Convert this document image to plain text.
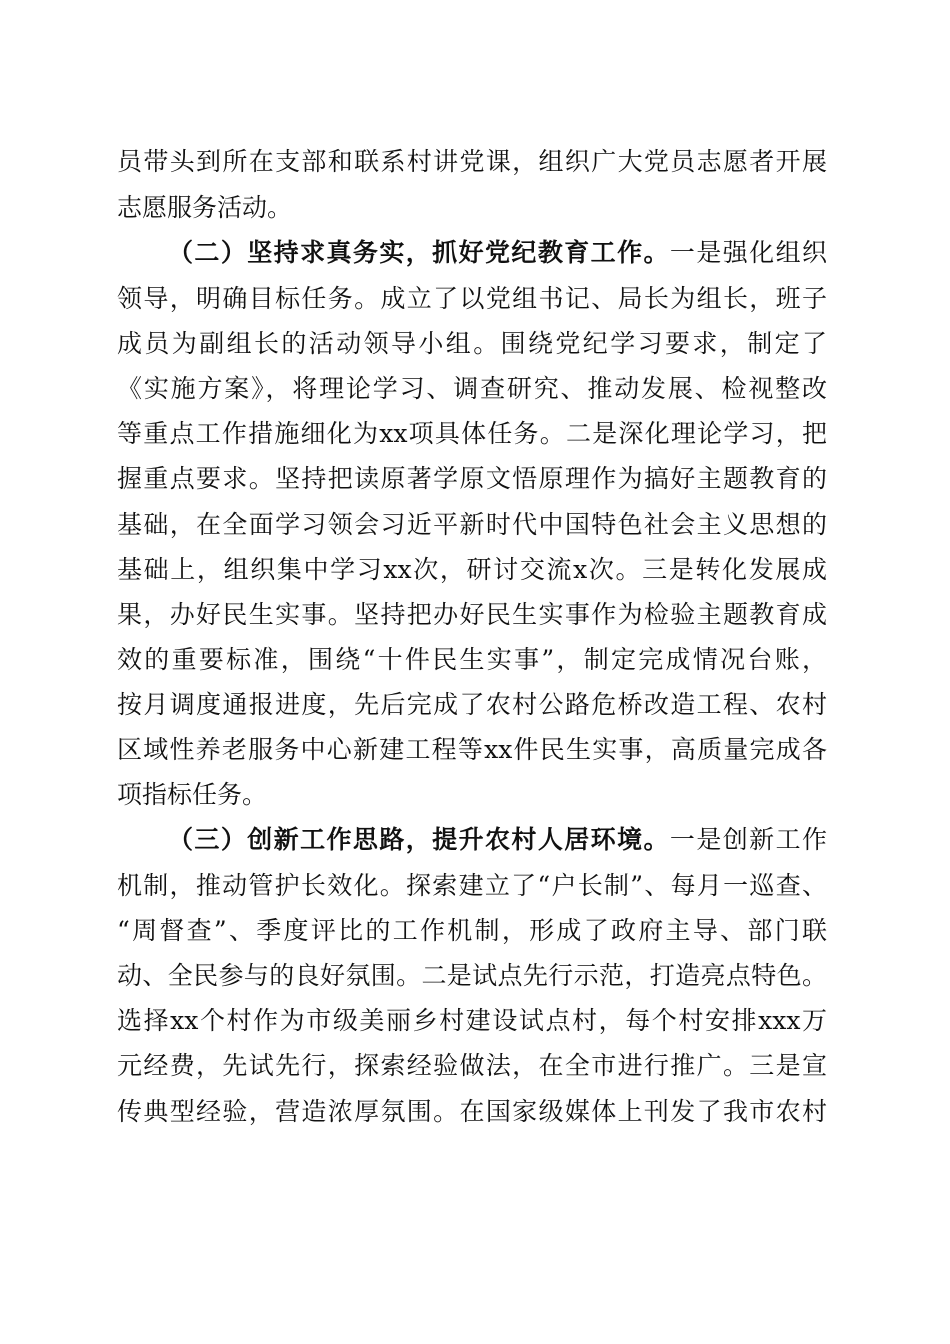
员带头到所在支部和联系村讲党课，组织广大党员志愿者开展
志愿服务活动。
（二）坚持求真务实，抓好党纪教育工作。一是强化组织
领导，明确目标任务。成立了以党组书记、局长为组长，班子
成员为副组长的活动领导小组。围绕党纪学习要求，制定了
《实施方案》，将理论学习、调查研究、推动发展、检视整改
等重点工作措施细化为xx项具体任务。二是深化理论学习，把
握重点要求。坚持把读原著学原文悟原理作为搞好主题教育的
基础，在全面学习领会习近平新时代中国特色社会主义思想的
基础上，组织集中学习xx次，研讨交流x次。三是转化发展成
果，办好民生实事。坚持把办好民生实事作为检验主题教育成
效的重要标准，围绕“十件民生实事”，制定完成情况台账，
按月调度通报进度，先后完成了农村公路危桥改造工程、农村
区域性养老服务中心新建工程等xx件民生实事，高质量完成各
项指标任务。
（三）创新工作思路，提升农村人居环境。一是创新工作
机制，推动管护长效化。探索建立了“户长制”、每月一巡查、
“周督查”、季度评比的工作机制，形成了政府主导、部门联
动、全民参与的良好氛围。二是试点先行示范，打造亮点特色。
选择xx个村作为市级美丽乡村建设试点村，每个村安排xxx万
元经费，先试先行，探索经验做法，在全市进行推广。三是宣
传典型经验，营造浓厚氛围。在国家级媒体上刊发了我市农村
